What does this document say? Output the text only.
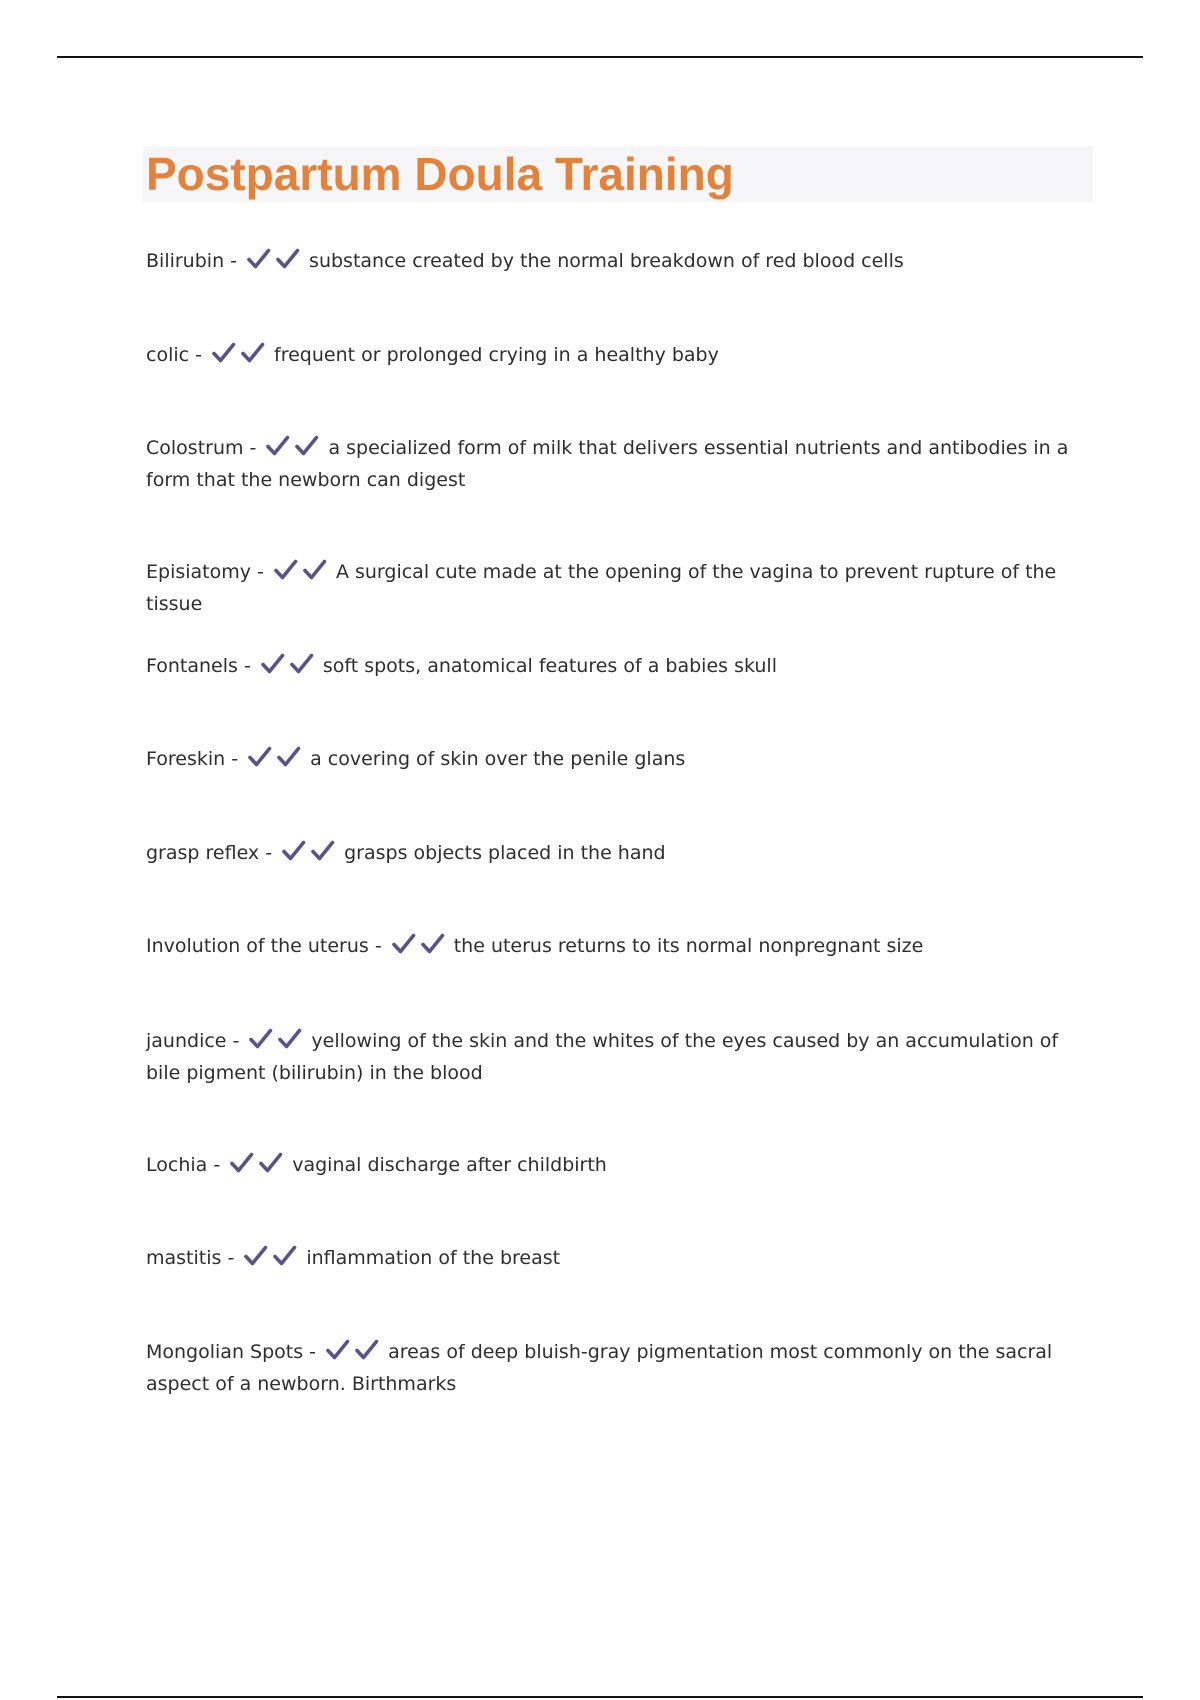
Postpartum Doula Training

Bilirubin -	substance created by the normal breakdown of red blood cells

colic -	frequent or prolonged crying in a healthy baby

Colostrum -	a specialized form of milk that delivers essential nutrients and antibodies in a form that the newborn can digest

Episiatomy -	A surgical cute made at the opening of the vagina to prevent rupture of the tissue

Fontanels -	soft spots, anatomical features of a babies skull

Foreskin -	a covering of skin over the penile glans

grasp reflex -	grasps objects placed in the hand

Involution of the uterus -	the uterus returns to its normal nonpregnant size

jaundice -	yellowing of the skin and the whites of the eyes caused by an accumulation of bile pigment (bilirubin) in the blood

Lochia -	vaginal discharge after childbirth

mastitis -	inflammation of the breast

Mongolian Spots -	areas of deep bluish-gray pigmentation most commonly on the sacral aspect of a newborn. Birthmarks
